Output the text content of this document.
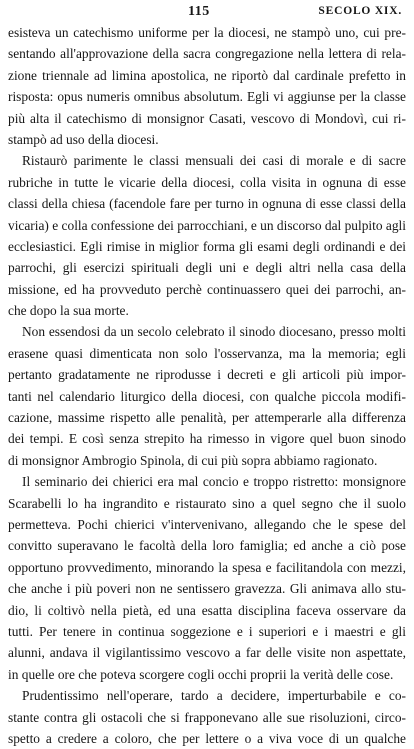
115	SECOLO XIX.
esisteva un catechismo uniforme per la diocesi, ne stampò uno, cui pre-
sentando all'approvazione della sacra congregazione nella lettera di rela-
zione triennale ad limina apostolica, ne riportò dal cardinale prefetto in
risposta: opus numeris omnibus absolutum. Egli vi aggiunse per la classe
più alta il catechismo di monsignor Casati, vescovo di Mondovì, cui ri-
stampò ad uso della diocesi.
Ristaurò parimente le classi mensuali dei casi di morale e di sacre
rubriche in tutte le vicarie della diocesi, colla visita in ognuna di esse
classi della chiesa (facendole fare per turno in ognuna di esse classi della
vicaria) e colla confessione dei parrocchiani, e un discorso dal pulpito agli
ecclesiastici. Egli rimise in miglior forma gli esami degli ordinandi e dei
parrochi, gli esercizi spirituali degli uni e degli altri nella casa della
missione, ed ha provveduto perchè continuassero quei dei parrochi, an-
che dopo la sua morte.
Non essendosi da un secolo celebrato il sinodo diocesano, presso molti
erasene quasi dimenticata non solo l'osservanza, ma la memoria; egli
pertanto gradatamente ne riprodusse i decreti e gli articoli più impor-
tanti nel calendario liturgico della diocesi, con qualche piccola modifi-
cazione, massime rispetto alle penalità, per attemperarle alla differenza
dei tempi. E così senza strepito ha rimesso in vigore quel buon sinodo
di monsignor Ambrogio Spinola, di cui più sopra abbiamo ragionato.
Il seminario dei chierici era mal concio e troppo ristretto: monsignore
Scarabelli lo ha ingrandito e ristaurato sino a quel segno che il suolo
permetteva. Pochi chierici v'intervenivano, allegando che le spese del
convitto superavano le facoltà della loro famiglia; ed anche a ciò pose
opportuno provvedimento, minorando la spesa e facilitandola con mezzi,
che anche i più poveri non ne sentissero gravezza. Gli animava allo stu-
dio, li coltivò nella pietà, ed una esatta disciplina faceva osservare da
tutti. Per tenere in continua soggezione e i superiori e i maestri e gli
alunni, andava il vigilantissimo vescovo a far delle visite non aspettate,
in quelle ore che poteva scorgere cogli occhi proprii la verità delle cose.
Prudentissimo nell'operare, tardo a decidere, imperturbabile e co-
stante contra gli ostacoli che si frapponevano alle sue risoluzioni, circo-
spetto a credere a coloro, che per lettere o a viva voce di un qualche
